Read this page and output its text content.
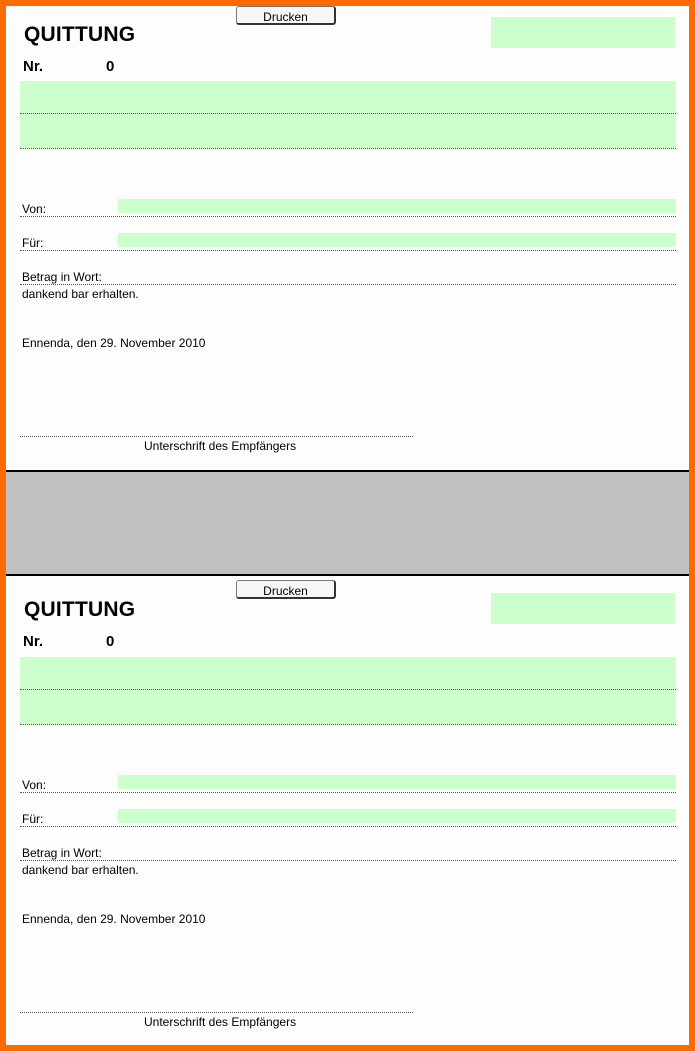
Drucken
QUITTUNG
Nr.	0
Von:
Für:
Betrag in Wort:
dankend bar erhalten.
Ennenda, den 29. November 2010
Unterschrift des Empfängers
Drucken
QUITTUNG
Nr.	0
Von:
Für:
Betrag in Wort:
dankend bar erhalten.
Ennenda, den 29. November 2010
Unterschrift des Empfängers
